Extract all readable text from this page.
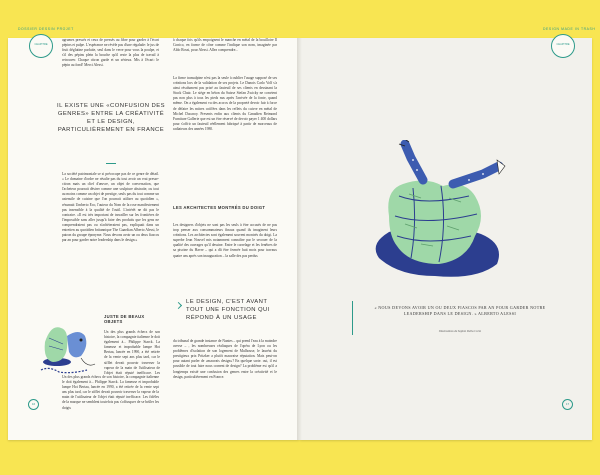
DOSSIER DESSIN PROJET
CHAPITRE

agrumes pressés et ceux de pressés au fibre pour garder à l'écart pépins et pulpe. L'espérance ne révèle pas d'une régalade: le jus de fruit déglutine parfaite, seul dans le verre pour vous la poulpe, et s'il des pépins plein la bouche qu'il reste la plus de travail à retrouver. Chaque citron garde et un sérieux. Mis à l'écart: le pépin au fond! Merci Alessi.

IL EXISTE UNE «CONFUSION DES GENRES» ENTRE LA CRÉATIVITÉ ET LE DESIGN, PARTICULIÈREMENT EN FRANCE

La société patrimoniale se si préoccupe pas de ce genre de détail. « Le domaine d'ordre ne résulte pas du tout avoir un vrai presse-citron mais un clief d'œuvre, un objet de conversation, que l'acheteur pourrait désirer comme une sculpture abstraite, ou tout au moins comme un objet de prestige, seuls pas du tout comme un ustensile de cuisine que l'on pourrait utiliser au quotidien », résumait Umberto Eco, l'auteur du Nom de la rose manifestement pas insensible à la qualité de l'outil. L'intérêt ne dit pas le contraire. «Il est très important de travailler sur les frontières de l'impossible sans aller jusqu'à faire des produits que les gens ne comprendraient pas ou n'achèteraient pas, expliquait dans un entretien au quotidien britannique The Guardian Alberto Alessi, le patron du groupe éponyme. Nous devons avoir un ou deux fiascos par an pour garder notre leadership dans le design.»

JUSTE DE BEAUX OBJETS

Un des plus grands échecs de son histoire, la compagnie italienne le doit également à... Philippe Starck. La fameuse et improbable lampe Hot Bertaa, lancée en 1990, a été retirée de la vente sept ans plus tard, car le sifflet devait pouvoir traverser la vapeur de la main de l'utilisateur de l'objet était réputé inefficace. Les

Un des plus grands échecs de son histoire, la compagnie italienne le doit également à... Philippe Starck. La fameuse et improbable lampe Hot Bertaa, lancée en 1990, a été retirée de la vente sept ans plus tard, car le sifflet devait pouvoir traverser la vapeur de la main de l'utilisateur de l'objet était réputé inefficace. Les fidèles de la marque ne semblent toutefois pas s'offusquer de se brûler les doigts

à chaque fois qu'ils empoignent le manche en métal de la bouilloire Il Conico, en forme de cône comme l'indique son nom, imaginée par Aldo Rossi, pour Alessi. Allez comprendre...

La firme transalpine n'est pas la seule à oublier l'usage supposé de ses créations lors de la validation de ses projets. Le Danois Carlo Volf s'a ainsi résolument pas prisé au fauteuil de ses clients en dessinant la Stuck Chair. Le siège en béton du Suisse Stefan Zwicky ne convient pas non plus à tous les pieds nus après l'arrivée de la fonte, quand même. On a également vu des accros de la propreté devoir fuir à force de défaire les mitres coiffées dans les reflets du cuivre en métal de Michel Ducaroy. Presents enfin aux clients du Canadien Reimond Furniture Gallerie que est un être réservé de devoir payer 1 400 dollars pour s'offrir un fauteuil réellement fabriqué à partir de morceaux de radiateurs des années 1980.

LES ARCHITECTES MONTRÉS DU DOIGT

Les designers d'objets ne sont pas les seuls à être accusés de ne pas trop penser aux consommateurs finaux quand ils imaginent leurs créations. Les architectes sont également souvent montrés du doigt. La superbe Jean Nouvel mis notamment connaître par le secouer de la qualité des ouvrages qu'il dessine. Entre le carrelage et les fenêtres de sa piscine du Havre – qui a dû être fermée huit mois pour travaux quatre ans après son inauguration – la salle des pas perdus

LE DESIGN, C'EST AVANT TOUT UNE FONCTION QUI RÉPOND À UN USAGE

du tribunal de grande instance de Nantes – qui prend l'eau à la moindre averse – , les nombreuses réaliaques de l'opéra de Lyon ou les problèmes d'isolation de son logement de Mulhouse, le lauréat du prestigieux prix Pritzker a plutôt mauvaise réputation. Mais peut-on pour autant parler de «mauvais design»? En quelque sorte. oui, il est possible de tout faire nous cornent de design? La problème est qu'il a longtemps existé une confusion des genres entre la créativité et le design, particulièrement en France.

16
DESIGN MADE IN TRASH
CHAPITRE

« NOUS DEVONS AVOIR UN OU DEUX FIASCOS PAR AN POUR GARDER NOTRE LEADERSHIP DANS LE DESIGN. » ALBERTO ALESSI

Illustrations de Sophie Della Corte

17
